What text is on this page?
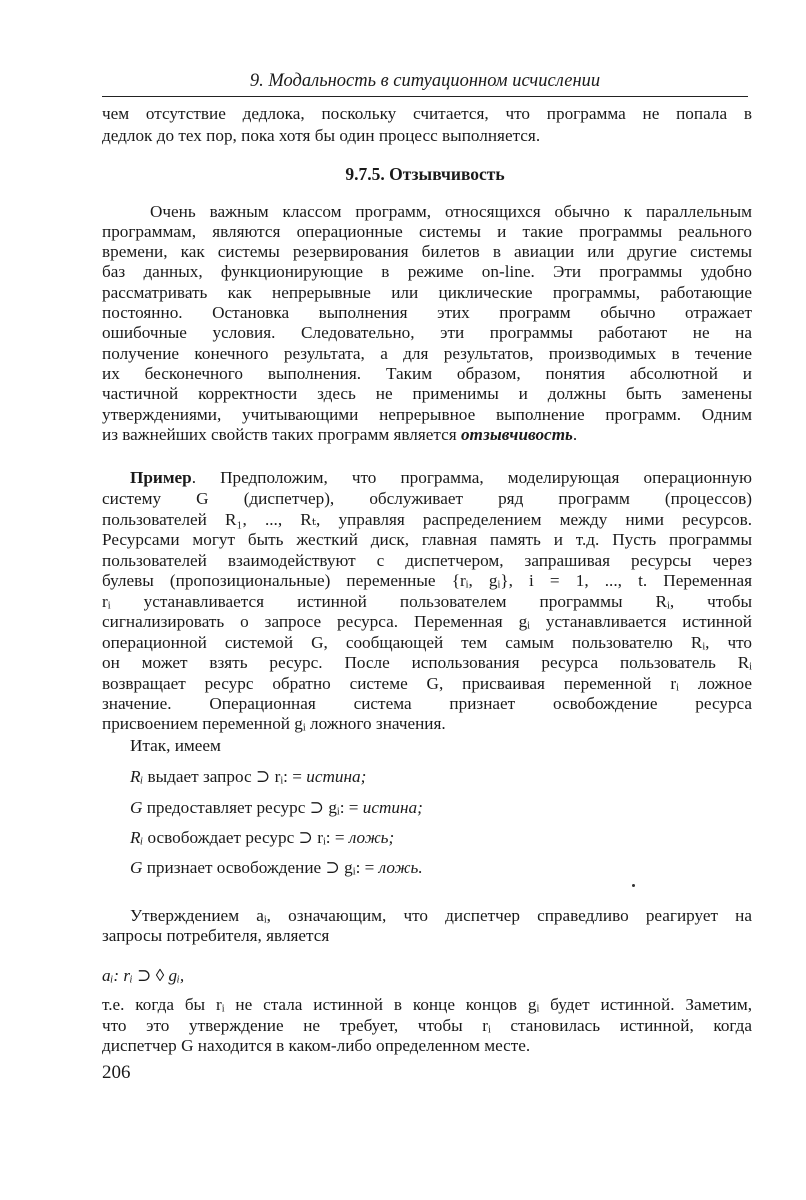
9. Модальность в ситуационном исчислении
чем отсутствие дедлока, поскольку считается, что программа не попала в
дедлок до тех пор, пока хотя бы один процесс выполняется.
9.7.5. Отзывчивость
Очень важным классом программ, относящихся обычно к параллельным
программам, являются операционные системы и такие программы реального
времени, как системы резервирования билетов в авиации или другие системы
баз данных, функционирующие в режиме on-line. Эти программы удобно
рассматривать как непрерывные или циклические программы, работающие
постоянно. Остановка выполнения этих программ обычно отражает
ошибочные условия. Следовательно, эти программы работают не на
получение конечного результата, а для результатов, производимых в течение
их бесконечного выполнения. Таким образом, понятия абсолютной и
частичной корректности здесь не применимы и должны быть заменены
утверждениями, учитывающими непрерывное выполнение программ. Одним
из важнейших свойств таких программ является отзывчивость.
Пример. Предположим, что программа, моделирующая операционную
систему G (диспетчер), обслуживает ряд программ (процессов)
пользователей R₁, ..., Rₜ, управляя распределением между ними ресурсов.
Ресурсами могут быть жесткий диск, главная память и т.д. Пусть программы
пользователей взаимодействуют с диспетчером, запрашивая ресурсы через
булевы (пропозициональные) переменные {rᵢ, gᵢ}, i = 1, ..., t. Переменная
rᵢ устанавливается истинной пользователем программы Rᵢ, чтобы
сигнализировать о запросе ресурса. Переменная gᵢ устанавливается истинной
операционной системой G, сообщающей тем самым пользователю Rᵢ, что
он может взять ресурс. После использования ресурса пользователь Rᵢ
возвращает ресурс обратно системе G, присваивая переменной rᵢ ложное
значение. Операционная система признает освобождение ресурса
присвоением переменной gᵢ ложного значения.
Итак, имеем
Rᵢ выдает запрос ⊃ rᵢ: = истина;
G предоставляет ресурс ⊃ gᵢ: = истина;
Rᵢ освобождает ресурс ⊃ rᵢ: = ложь;
G признает освобождение ⊃ gᵢ: = ложь.
Утверждением aᵢ, означающим, что диспетчер справедливо реагирует на
запросы потребителя, является
aᵢ: rᵢ ⊃ ◊ gᵢ,
т.е. когда бы rᵢ не стала истинной в конце концов gᵢ будет истинной. Заметим,
что это утверждение не требует, чтобы rᵢ становилась истинной, когда
диспетчер G находится в каком-либо определенном месте.
206
